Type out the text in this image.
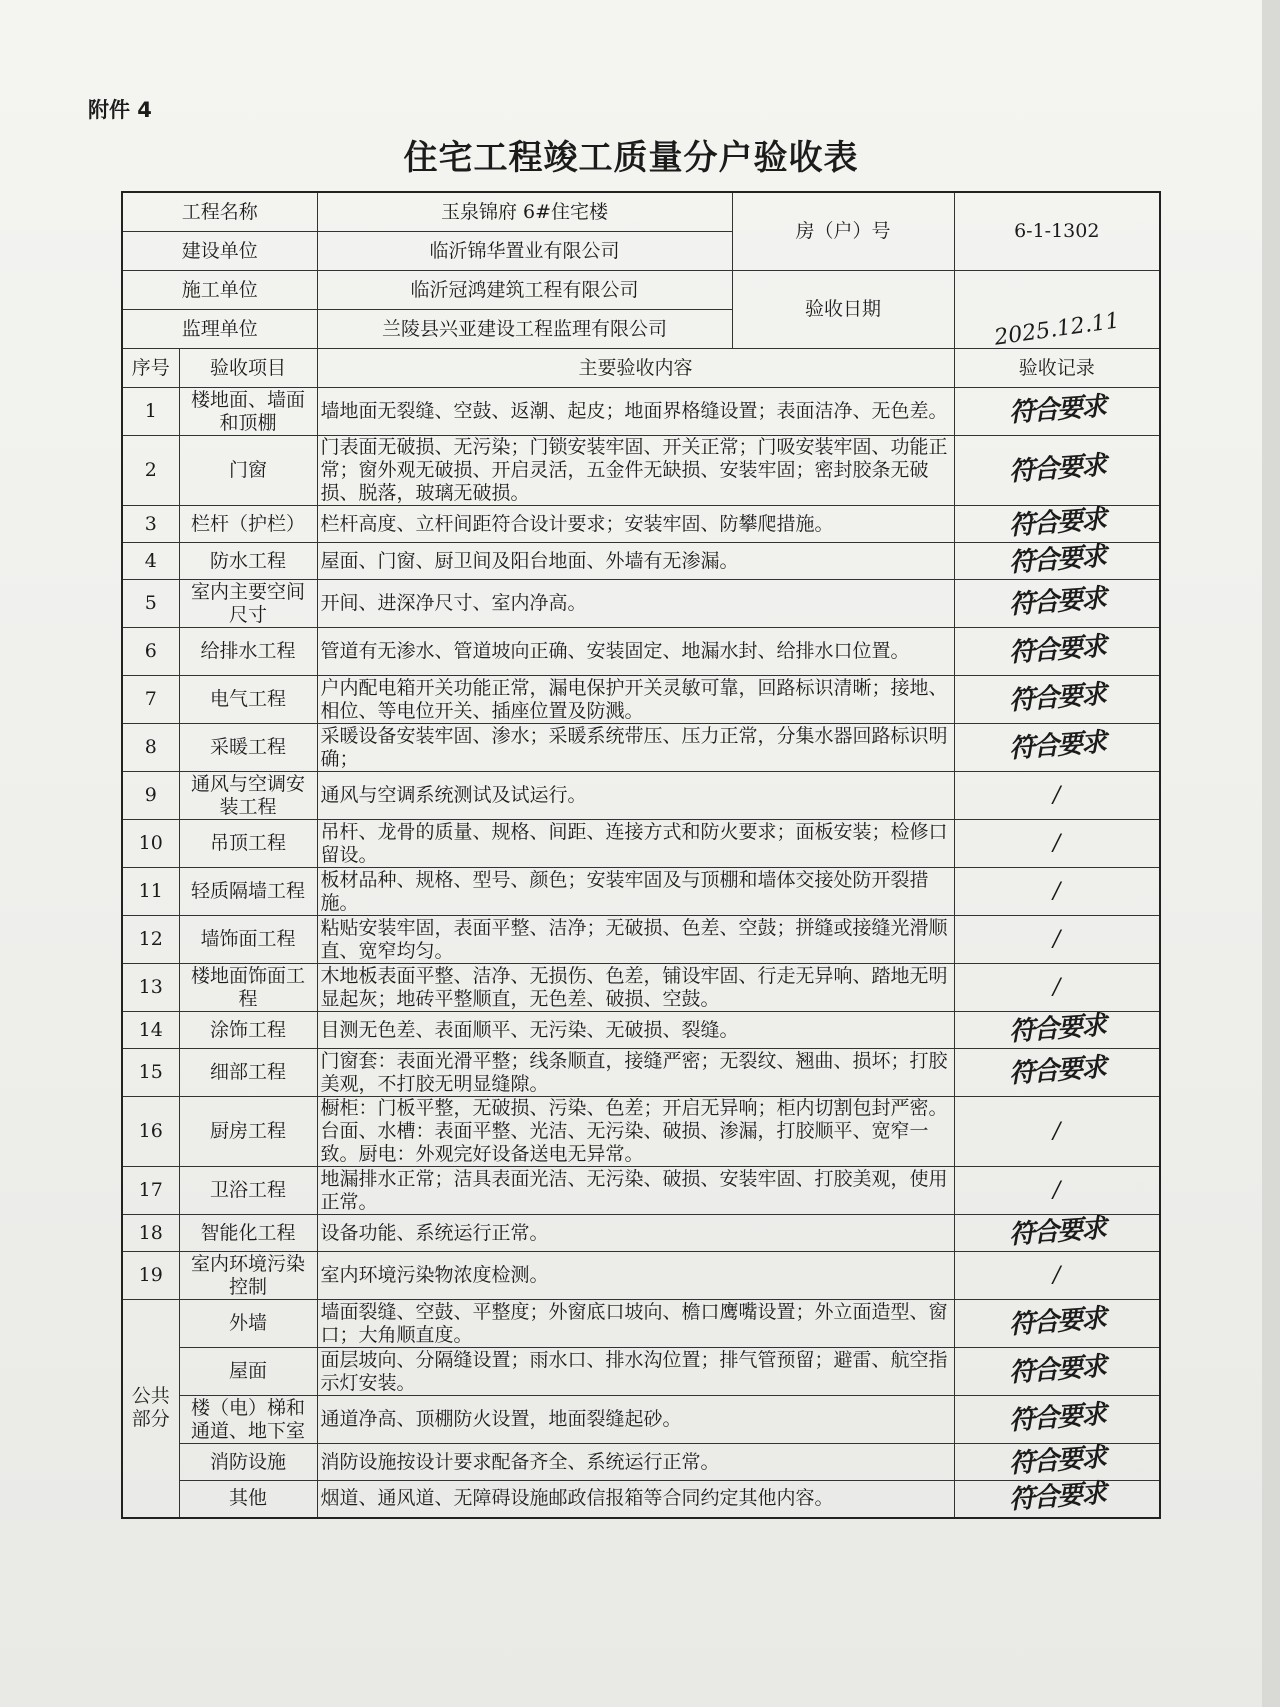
附件 4
住宅工程竣工质量分户验收表
工程名称		玉泉锦府 6#住宅楼	房（户）号	6-1-1302
建设单位		临沂锦华置业有限公司		
施工单位		临沂冠鸿建筑工程有限公司	验收日期	2025.12.11
监理单位		兰陵县兴亚建设工程监理有限公司		
序号	验收项目	主要验收内容		验收记录
1	楼地面、墙面和顶棚	墙地面无裂缝、空鼓、返潮、起皮；地面界格缝设置；表面洁净、无色差。		符合要求
2	门窗	门表面无破损、无污染；门锁安装牢固、开关正常；门吸安装牢固、功能正常；窗外观无破损、开启灵活，五金件无缺损、安装牢固；密封胶条无破损、脱落，玻璃无破损。		符合要求
3	栏杆（护栏）	栏杆高度、立杆间距符合设计要求；安装牢固、防攀爬措施。		符合要求
4	防水工程	屋面、门窗、厨卫间及阳台地面、外墙有无渗漏。		符合要求
5	室内主要空间尺寸	开间、进深净尺寸、室内净高。		符合要求
6	给排水工程	管道有无渗水、管道坡向正确、安装固定、地漏水封、给排水口位置。		符合要求
7	电气工程	户内配电箱开关功能正常，漏电保护开关灵敏可靠，回路标识清晰；接地、相位、等电位开关、插座位置及防溅。		符合要求
8	采暖工程	采暖设备安装牢固、渗水；采暖系统带压、压力正常，分集水器回路标识明确；		符合要求
9	通风与空调安装工程	通风与空调系统测试及试运行。		/
10	吊顶工程	吊杆、龙骨的质量、规格、间距、连接方式和防火要求；面板安装；检修口留设。		/
11	轻质隔墙工程	板材品种、规格、型号、颜色；安装牢固及与顶棚和墙体交接处防开裂措施。		/
12	墙饰面工程	粘贴安装牢固，表面平整、洁净；无破损、色差、空鼓；拼缝或接缝光滑顺直、宽窄均匀。		/
13	楼地面饰面工程	木地板表面平整、洁净、无损伤、色差，铺设牢固、行走无异响、踏地无明显起灰；地砖平整顺直，无色差、破损、空鼓。		/
14	涂饰工程	目测无色差、表面顺平、无污染、无破损、裂缝。		符合要求
15	细部工程	门窗套：表面光滑平整；线条顺直，接缝严密；无裂纹、翘曲、损坏；打胶美观，不打胶无明显缝隙。		符合要求
16	厨房工程	橱柜：门板平整，无破损、污染、色差；开启无异响；柜内切割包封严密。台面、水槽：表面平整、光洁、无污染、破损、渗漏，打胶顺平、宽窄一致。厨电：外观完好设备送电无异常。		/
17	卫浴工程	地漏排水正常；洁具表面光洁、无污染、破损、安装牢固、打胶美观，使用正常。		/
18	智能化工程	设备功能、系统运行正常。		符合要求
19	室内环境污染控制	室内环境污染物浓度检测。		/
公共部分	外墙	墙面裂缝、空鼓、平整度；外窗底口坡向、檐口鹰嘴设置；外立面造型、窗口；大角顺直度。		符合要求
	屋面	面层坡向、分隔缝设置；雨水口、排水沟位置；排气管预留；避雷、航空指示灯安装。		符合要求
	楼（电）梯和通道、地下室	通道净高、顶棚防火设置，地面裂缝起砂。		符合要求
	消防设施	消防设施按设计要求配备齐全、系统运行正常。		符合要求
	其他	烟道、通风道、无障碍设施邮政信报箱等合同约定其他内容。		符合要求
